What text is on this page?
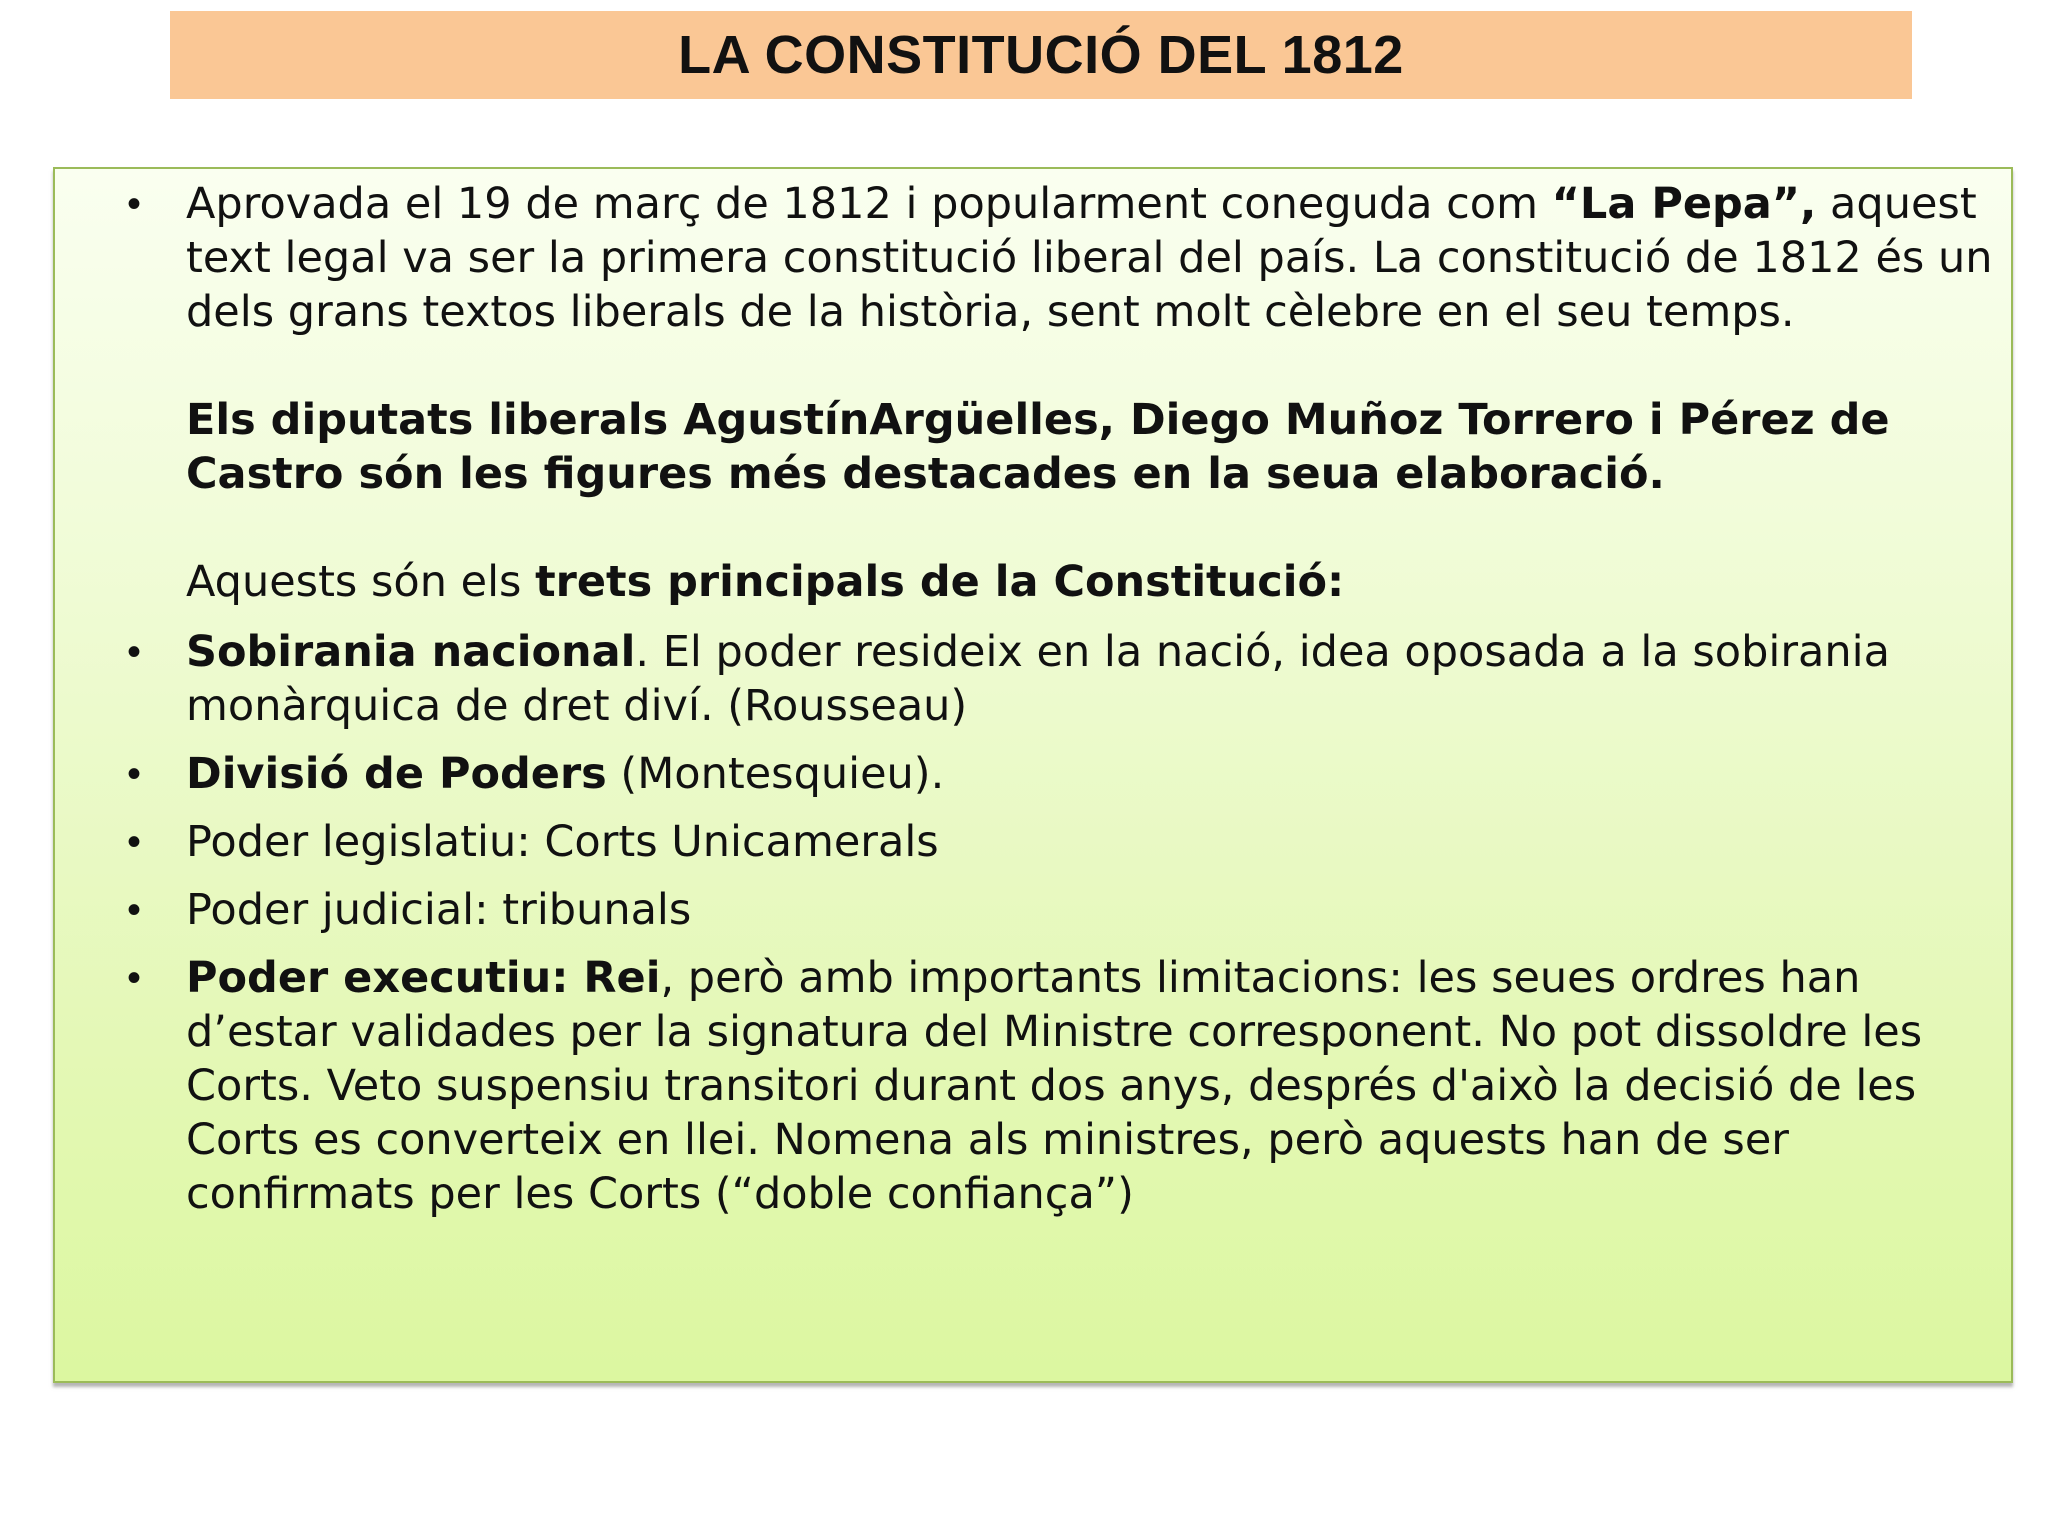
LA CONSTITUCIÓ DEL 1812
• Aprovada el 19 de març de 1812 i popularment coneguda com “La Pepa”, aquest text legal va ser la primera constitució liberal del país. La constitució de 1812 és un dels grans textos liberals de la història, sent molt cèlebre en el seu temps.
Els diputats liberals AgustínArgüelles, Diego Muñoz Torrero i Pérez de Castro són les figures més destacades en la seua elaboració.
Aquests són els trets principals de la Constitució:
• Sobirania nacional. El poder resideix en la nació, idea oposada a la sobirania monàrquica de dret diví. (Rousseau)
• Divisió de Poders (Montesquieu).
• Poder legislatiu: Corts Unicamerals
• Poder judicial: tribunals
• Poder executiu: Rei, però amb importants limitacions: les seues ordres han d’estar validades per la signatura del Ministre corresponent. No pot dissoldre les Corts. Veto suspensiu transitori durant dos anys, després d'això la decisió de les Corts es converteix en llei. Nomena als ministres, però aquests han de ser confirmats per les Corts (“doble confiança”)
